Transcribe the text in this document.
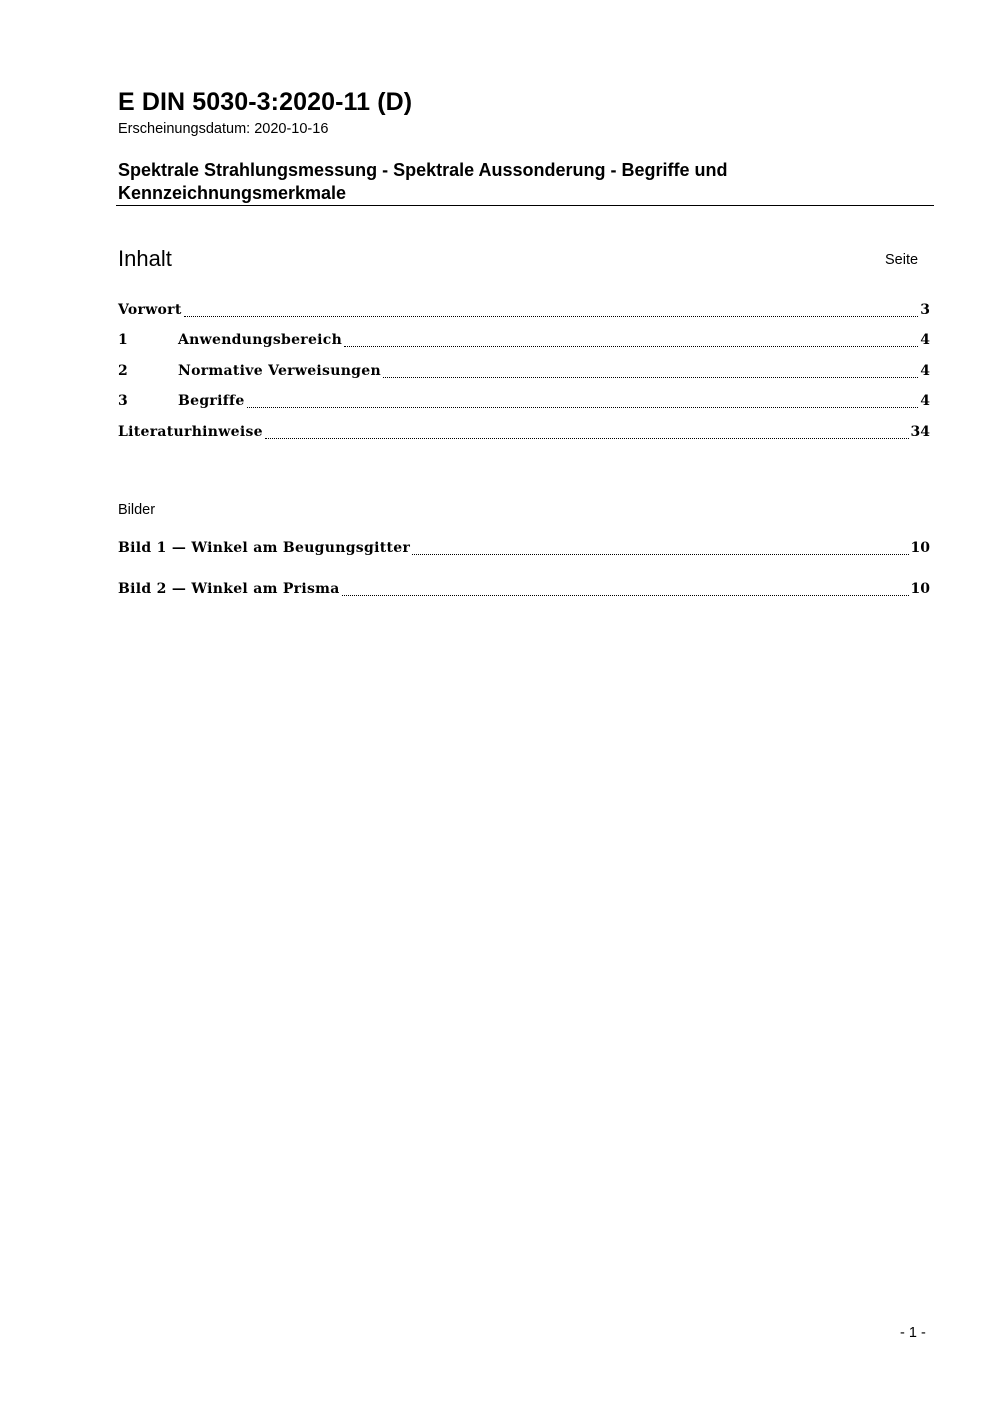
E DIN 5030-3:2020-11 (D)
Erscheinungsdatum: 2020-10-16
Spektrale Strahlungsmessung - Spektrale Aussonderung - Begriffe und Kennzeichnungsmerkmale
Inhalt	Seite
Vorwort	3
1	Anwendungsbereich	4
2	Normative Verweisungen	4
3	Begriffe	4
Literaturhinweise	34
Bilder
Bild 1 — Winkel am Beugungsgitter	10
Bild 2 — Winkel am Prisma	10
- 1 -
